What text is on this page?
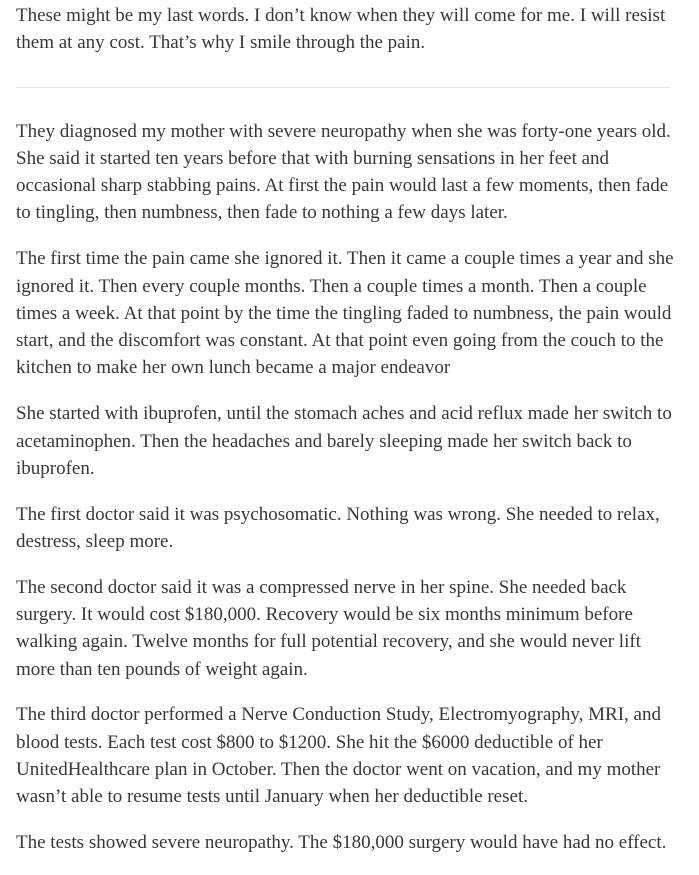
These might be my last words. I don’t know when they will come for me. I will resist them at any cost. That’s why I smile through the pain.

They diagnosed my mother with severe neuropathy when she was forty-one years old. She said it started ten years before that with burning sensations in her feet and occasional sharp stabbing pains. At first the pain would last a few moments, then fade to tingling, then numbness, then fade to nothing a few days later.

The first time the pain came she ignored it. Then it came a couple times a year and she ignored it. Then every couple months. Then a couple times a month. Then a couple times a week. At that point by the time the tingling faded to numbness, the pain would start, and the discomfort was constant. At that point even going from the couch to the kitchen to make her own lunch became a major endeavor

She started with ibuprofen, until the stomach aches and acid reflux made her switch to acetaminophen. Then the headaches and barely sleeping made her switch back to ibuprofen.

The first doctor said it was psychosomatic. Nothing was wrong. She needed to relax, destress, sleep more.

The second doctor said it was a compressed nerve in her spine. She needed back surgery. It would cost $180,000. Recovery would be six months minimum before walking again. Twelve months for full potential recovery, and she would never lift more than ten pounds of weight again.

The third doctor performed a Nerve Conduction Study, Electromyography, MRI, and blood tests. Each test cost $800 to $1200. She hit the $6000 deductible of her UnitedHealthcare plan in October. Then the doctor went on vacation, and my mother wasn’t able to resume tests until January when her deductible reset.

The tests showed severe neuropathy. The $180,000 surgery would have had no effect.
